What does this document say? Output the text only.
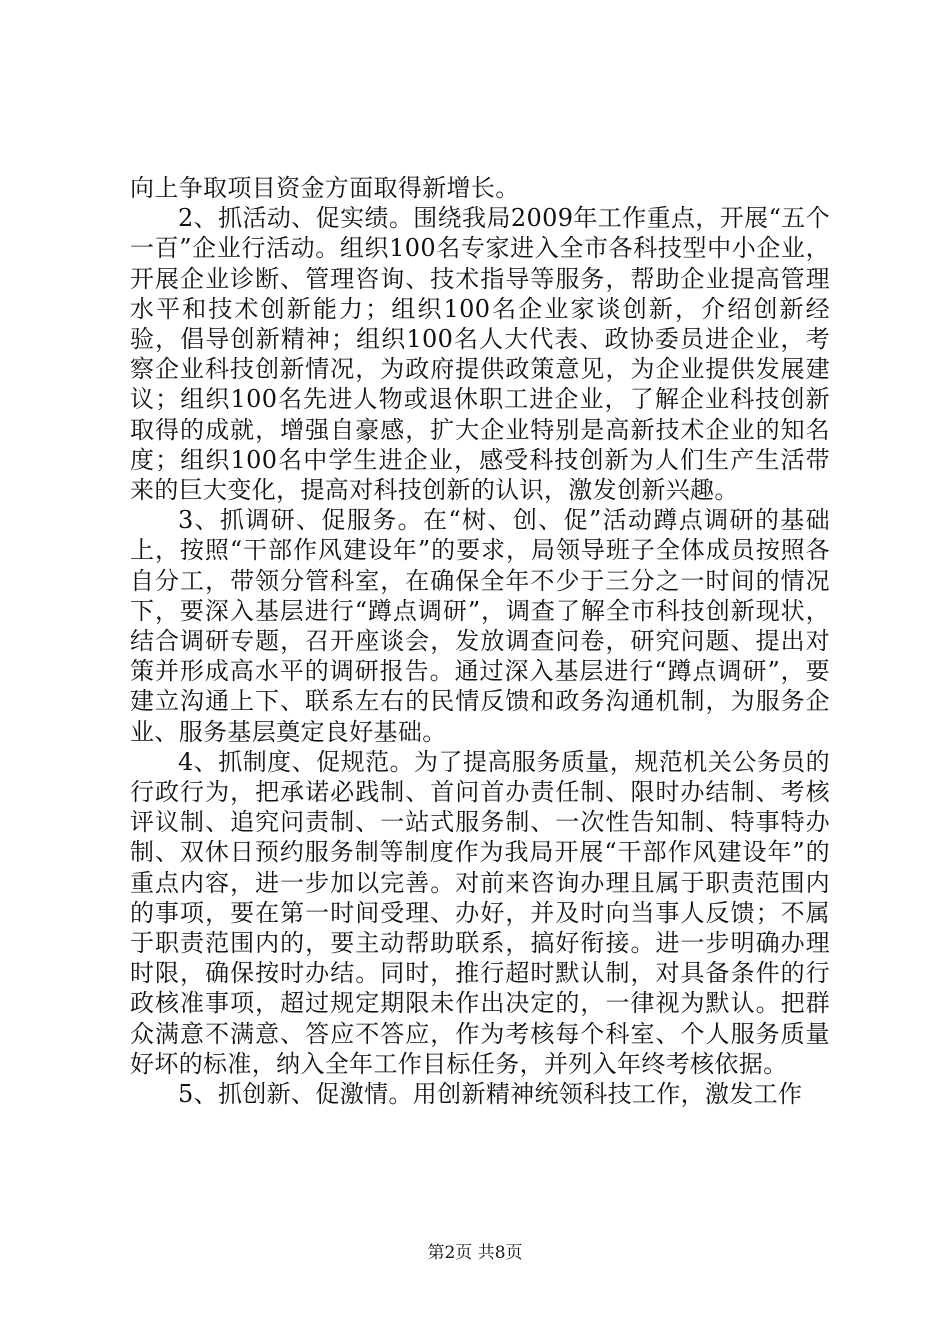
向上争取项目资金方面取得新增长。

2、抓活动、促实绩。围绕我局2009年工作重点，开展“五个一百”企业行活动。组织100名专家进入全市各科技型中小企业，开展企业诊断、管理咨询、技术指导等服务，帮助企业提高管理水平和技术创新能力；组织100名企业家谈创新，介绍创新经验，倡导创新精神；组织100名人大代表、政协委员进企业，考察企业科技创新情况，为政府提供政策意见，为企业提供发展建议；组织100名先进人物或退休职工进企业，了解企业科技创新取得的成就，增强自豪感，扩大企业特别是高新技术企业的知名度；组织100名中学生进企业，感受科技创新为人们生产生活带来的巨大变化，提高对科技创新的认识，激发创新兴趣。

3、抓调研、促服务。在“树、创、促”活动蹲点调研的基础上，按照“干部作风建设年”的要求，局领导班子全体成员按照各自分工，带领分管科室，在确保全年不少于三分之一时间的情况下，要深入基层进行“蹲点调研”，调查了解全市科技创新现状，结合调研专题，召开座谈会，发放调查问卷，研究问题、提出对策并形成高水平的调研报告。通过深入基层进行“蹲点调研”，要建立沟通上下、联系左右的民情反馈和政务沟通机制，为服务企业、服务基层奠定良好基础。

4、抓制度、促规范。为了提高服务质量，规范机关公务员的行政行为，把承诺必践制、首问首办责任制、限时办结制、考核评议制、追究问责制、一站式服务制、一次性告知制、特事特办制、双休日预约服务制等制度作为我局开展“干部作风建设年”的重点内容，进一步加以完善。对前来咨询办理且属于职责范围内的事项，要在第一时间受理、办好，并及时向当事人反馈；不属于职责范围内的，要主动帮助联系，搞好衔接。进一步明确办理时限，确保按时办结。同时，推行超时默认制，对具备条件的行政核准事项，超过规定期限未作出决定的，一律视为默认。把群众满意不满意、答应不答应，作为考核每个科室、个人服务质量好坏的标准，纳入全年工作目标任务，并列入年终考核依据。

5、抓创新、促激情。用创新精神统领科技工作，激发工作

第2页 共8页
